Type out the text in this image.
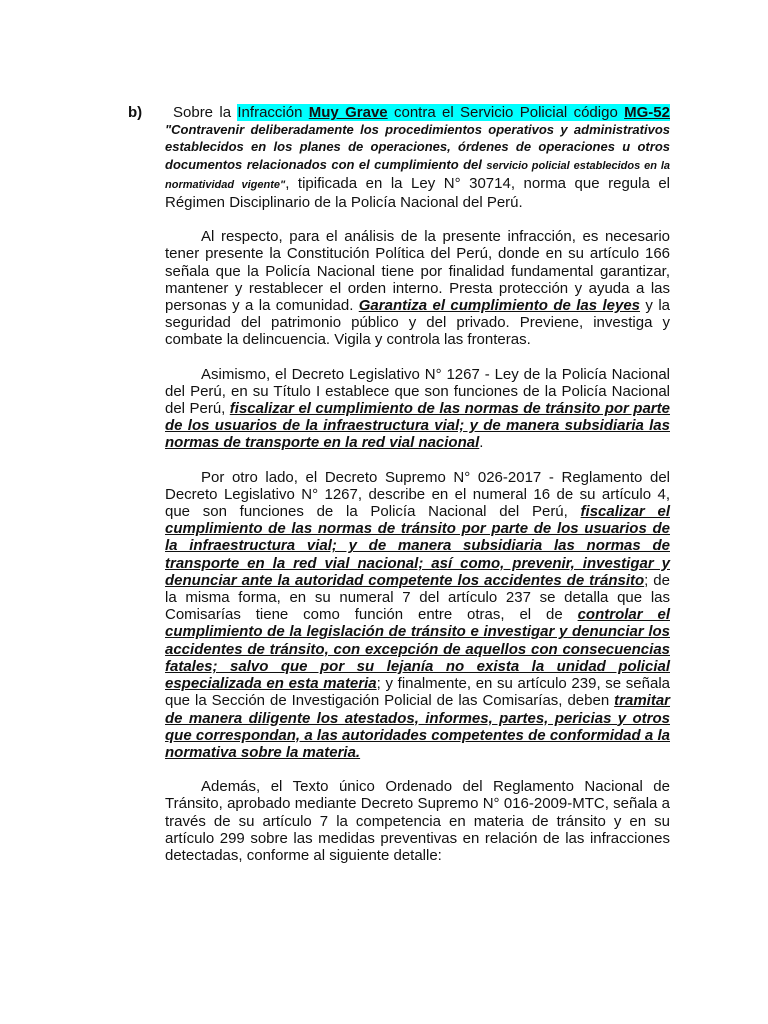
b)	Sobre la Infracción Muy Grave contra el Servicio Policial código MG-52 "Contravenir deliberadamente los procedimientos operativos y administrativos establecidos en los planes de operaciones, órdenes de operaciones u otros documentos relacionados con el cumplimiento del servicio policial establecidos en la normatividad vigente", tipificada en la Ley N° 30714, norma que regula el Régimen Disciplinario de la Policía Nacional del Perú.

Al respecto, para el análisis de la presente infracción, es necesario tener presente la Constitución Política del Perú, donde en su artículo 166 señala que la Policía Nacional tiene por finalidad fundamental garantizar, mantener y restablecer el orden interno. Presta protección y ayuda a las personas y a la comunidad. Garantiza el cumplimiento de las leyes y la seguridad del patrimonio público y del privado. Previene, investiga y combate la delincuencia. Vigila y controla las fronteras.

Asimismo, el Decreto Legislativo N° 1267 - Ley de la Policía Nacional del Perú, en su Título I establece que son funciones de la Policía Nacional del Perú, fiscalizar el cumplimiento de las normas de tránsito por parte de los usuarios de la infraestructura vial; y de manera subsidiaria las normas de transporte en la red vial nacional.

Por otro lado, el Decreto Supremo N° 026-2017 - Reglamento del Decreto Legislativo N° 1267, describe en el numeral 16 de su artículo 4, que son funciones de la Policía Nacional del Perú, fiscalizar el cumplimiento de las normas de tránsito por parte de los usuarios de la infraestructura vial; y de manera subsidiaria las normas de transporte en la red vial nacional; así como, prevenir, investigar y denunciar ante la autoridad competente los accidentes de tránsito; de la misma forma, en su numeral 7 del artículo 237 se detalla que las Comisarías tiene como función entre otras, el de controlar el cumplimiento de la legislación de tránsito e investigar y denunciar los accidentes de tránsito, con excepción de aquellos con consecuencias fatales; salvo que por su lejanía no exista la unidad policial especializada en esta materia; y finalmente, en su artículo 239, se señala que la Sección de Investigación Policial de las Comisarías, deben tramitar de manera diligente los atestados, informes, partes, pericias y otros que correspondan, a las autoridades competentes de conformidad a la normativa sobre la materia.

Además, el Texto único Ordenado del Reglamento Nacional de Tránsito, aprobado mediante Decreto Supremo N° 016-2009-MTC, señala a través de su artículo 7 la competencia en materia de tránsito y en su artículo 299 sobre las medidas preventivas en relación de las infracciones detectadas, conforme al siguiente detalle:
